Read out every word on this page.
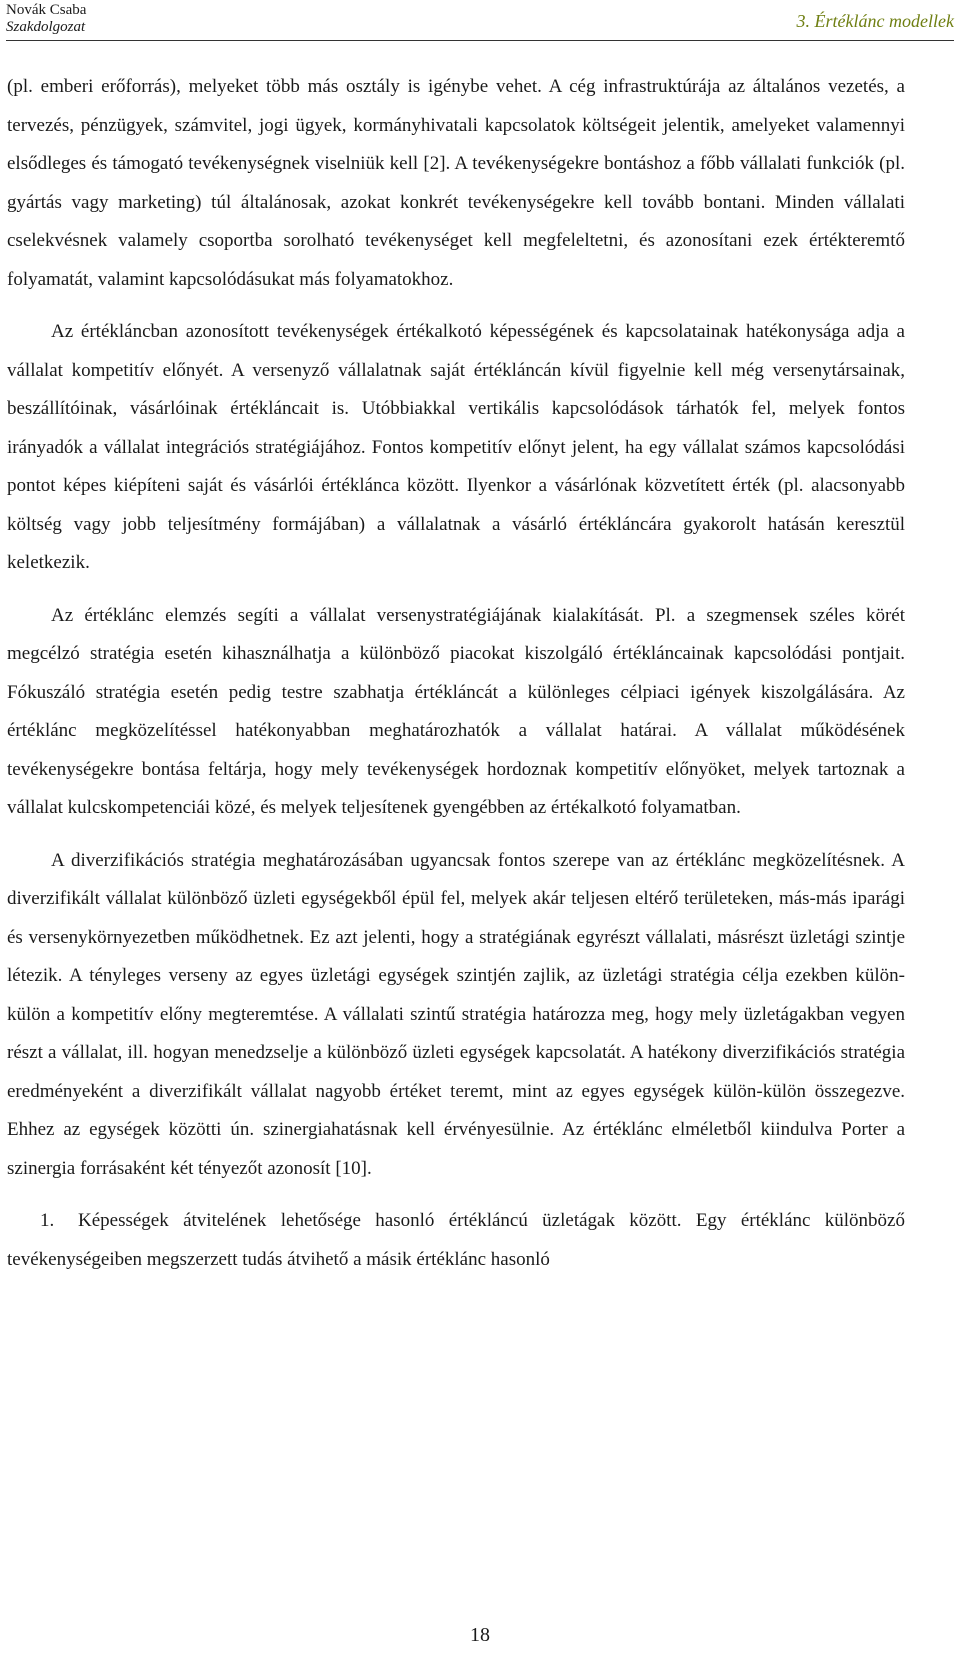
Novák Csaba
Szakdolgozat	3. Értéklánc modellek

(pl. emberi erőforrás), melyeket több más osztály is igénybe vehet. A cég infrastruktúrája az általános vezetés, a tervezés, pénzügyek, számvitel, jogi ügyek, kormányhivatali kapcsolatok költségeit jelentik, amelyeket valamennyi elsődleges és támogató tevékenységnek viselniük kell [2]. A tevékenységekre bontáshoz a főbb vállalati funkciók (pl. gyártás vagy marketing) túl általánosak, azokat konkrét tevékenységekre kell tovább bontani. Minden vállalati cselekvésnek valamely csoportba sorolható tevékenységet kell megfeleltetni, és azonosítani ezek értékteremtő folyamatát, valamint kapcsolódásukat más folyamatokhoz.

Az értékláncban azonosított tevékenységek értékalkotó képességének és kapcsolatainak hatékonysága adja a vállalat kompetitív előnyét. A versenyző vállalatnak saját értékláncán kívül figyelnie kell még versenytársainak, beszállítóinak, vásárlóinak értékláncait is. Utóbbiakkal vertikális kapcsolódások tárhatók fel, melyek fontos irányadók a vállalat integrációs stratégiájához. Fontos kompetitív előnyt jelent, ha egy vállalat számos kapcsolódási pontot képes kiépíteni saját és vásárlói értéklánca között. Ilyenkor a vásárlónak közvetített érték (pl. alacsonyabb költség vagy jobb teljesítmény formájában) a vállalatnak a vásárló értékláncára gyakorolt hatásán keresztül keletkezik.

Az értéklánc elemzés segíti a vállalat versenystratégiájának kialakítását. Pl. a szegmensek széles körét megcélzó stratégia esetén kihasználhatja a különböző piacokat kiszolgáló értékláncainak kapcsolódási pontjait. Fókuszáló stratégia esetén pedig testre szabhatja értékláncát a különleges célpiaci igények kiszolgálására. Az értéklánc megközelítéssel hatékonyabban meghatározhatók a vállalat határai. A vállalat működésének tevékenységekre bontása feltárja, hogy mely tevékenységek hordoznak kompetitív előnyöket, melyek tartoznak a vállalat kulcskompetenciái közé, és melyek teljesítenek gyengébben az értékalkotó folyamatban.

A diverzifikációs stratégia meghatározásában ugyancsak fontos szerepe van az értéklánc megközelítésnek. A diverzifikált vállalat különböző üzleti egységekből épül fel, melyek akár teljesen eltérő területeken, más-más iparági és versenykörnyezetben működhetnek. Ez azt jelenti, hogy a stratégiának egyrészt vállalati, másrészt üzletági szintje létezik. A tényleges verseny az egyes üzletági egységek szintjén zajlik, az üzletági stratégia célja ezekben külön-külön a kompetitív előny megteremtése. A vállalati szintű stratégia határozza meg, hogy mely üzletágakban vegyen részt a vállalat, ill. hogyan menedzselje a különböző üzleti egységek kapcsolatát. A hatékony diverzifikációs stratégia eredményeként a diverzifikált vállalat nagyobb értéket teremt, mint az egyes egységek külön-külön összegezve. Ehhez az egységek közötti ún. szinergiahatásnak kell érvényesülnie. Az értéklánc elméletből kiindulva Porter a szinergia forrásaként két tényezőt azonosít [10].

1. Képességek átvitelének lehetősége hasonló értékláncú üzletágak között. Egy értéklánc különböző tevékenységeiben megszerzett tudás átvihető a másik értéklánc hasonló
18
